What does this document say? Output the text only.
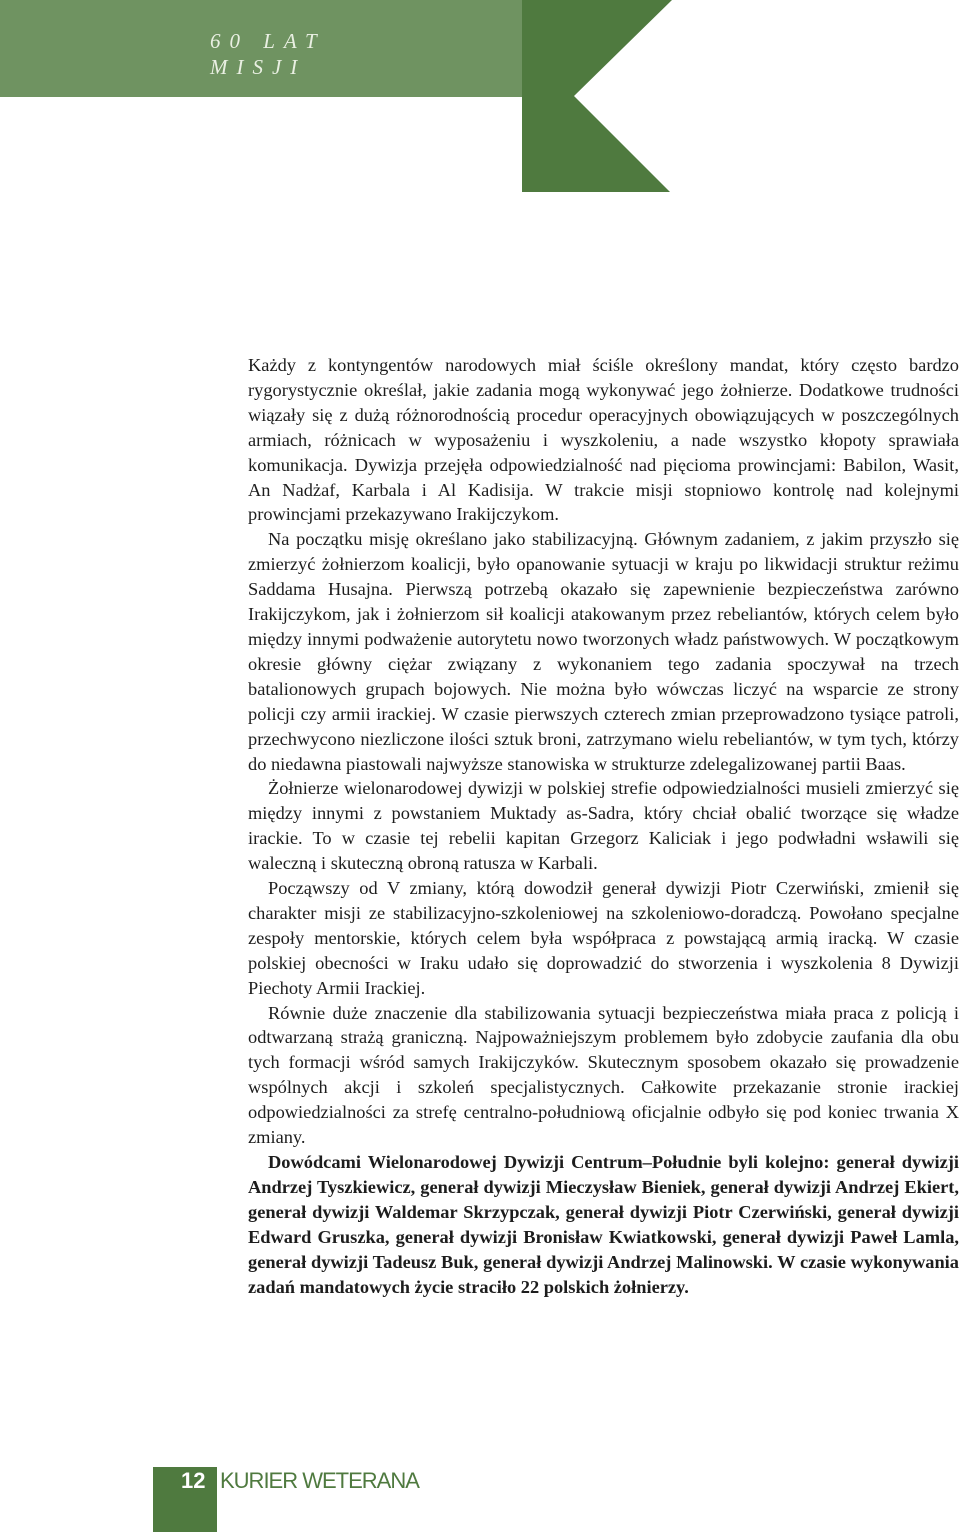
60 LAT
MISJI

Każdy z kontyngentów narodowych miał ściśle określony mandat, który często bardzo rygorystycznie określał, jakie zadania mogą wykonywać jego żołnierze. Dodatkowe trudności wiązały się z dużą różnorodnością procedur operacyjnych obowiązujących w poszczególnych armiach, różnicach w wyposażeniu i wyszkoleniu, a nade wszystko kłopoty sprawiała komunikacja. Dywizja przejęła odpowiedzialność nad pięcioma prowincjami: Babilon, Wasit, An Nadżaf, Karbala i Al Kadisija. W trakcie misji stopniowo kontrolę nad kolejnymi prowincjami przekazywano Irakijczykom.

Na początku misję określano jako stabilizacyjną. Głównym zadaniem, z jakim przyszło się zmierzyć żołnierzom koalicji, było opanowanie sytuacji w kraju po likwidacji struktur reżimu Saddama Husajna. Pierwszą potrzebą okazało się zapewnienie bezpieczeństwa zarówno Irakijczykom, jak i żołnierzom sił koalicji atakowanym przez rebeliantów, których celem było między innymi podważenie autorytetu nowo tworzonych władz państwowych. W początkowym okresie główny ciężar związany z wykonaniem tego zadania spoczywał na trzech batalionowych grupach bojowych. Nie można było wówczas liczyć na wsparcie ze strony policji czy armii irackiej. W czasie pierwszych czterech zmian przeprowadzono tysiące patroli, przechwycono niezliczone ilości sztuk broni, zatrzymano wielu rebeliantów, w tym tych, którzy do niedawna piastowali najwyższe stanowiska w strukturze zdelegalizowanej partii Baas.

Żołnierze wielonarodowej dywizji w polskiej strefie odpowiedzialności musieli zmierzyć się między innymi z powstaniem Muktady as-Sadra, który chciał obalić tworzące się władze irackie. To w czasie tej rebelii kapitan Grzegorz Kaliciak i jego podwładni wsławili się waleczną i skuteczną obroną ratusza w Karbali.

Począwszy od V zmiany, którą dowodził generał dywizji Piotr Czerwiński, zmienił się charakter misji ze stabilizacyjno-szkoleniowej na szkoleniowo-doradczą. Powołano specjalne zespoły mentorskie, których celem była współpraca z powstającą armią iracką. W czasie polskiej obecności w Iraku udało się doprowadzić do stworzenia i wyszkolenia 8 Dywizji Piechoty Armii Irackiej.

Równie duże znaczenie dla stabilizowania sytuacji bezpieczeństwa miała praca z policją i odtwarzaną strażą graniczną. Najpoważniejszym problemem było zdobycie zaufania dla obu tych formacji wśród samych Irakijczyków. Skutecznym sposobem okazało się prowadzenie wspólnych akcji i szkoleń specjalistycznych. Całkowite przekazanie stronie irackiej odpowiedzialności za strefę centralno-południową oficjalnie odbyło się pod koniec trwania X zmiany.

Dowódcami Wielonarodowej Dywizji Centrum–Południe byli kolejno: generał dywizji Andrzej Tyszkiewicz, generał dywizji Mieczysław Bieniek, generał dywizji Andrzej Ekiert, generał dywizji Waldemar Skrzypczak, generał dywizji Piotr Czerwiński, generał dywizji Edward Gruszka, generał dywizji Bronisław Kwiatkowski, generał dywizji Paweł Lamla, generał dywizji Tadeusz Buk, generał dywizji Andrzej Malinowski. W czasie wykonywania zadań mandatowych życie straciło 22 polskich żołnierzy.

12 KURIER WETERANA
